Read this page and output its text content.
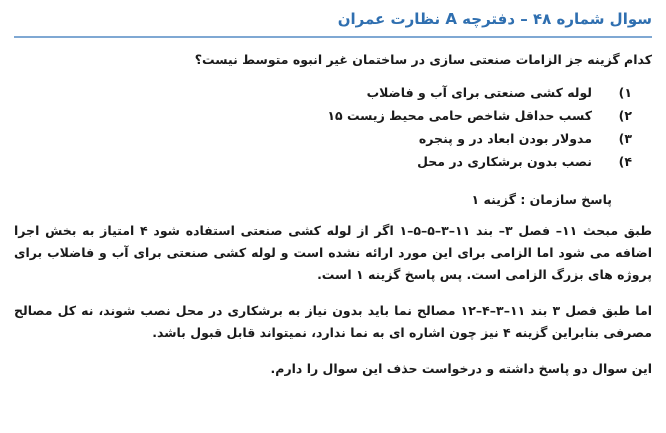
سوال شماره ۴۸ – دفترچه A نظارت عمران
کدام گزینه جز الزامات صنعتی سازی در ساختمان غیر انبوه متوسط نیست؟
۱)
لوله کشی صنعتی برای آب و فاضلاب
۲)
کسب حداقل شاخص حامی محیط زیست ۱۵
۳)
مدولار بودن ابعاد در و پنجره
۴)
نصب بدون برشکاری در محل
پاسخ سازمان : گزینه ۱

طبق مبحث ۱۱– فصل ۳– بند ۱۱–۳–۵–۵–۱ اگر از لوله کشی صنعتی استفاده شود ۴ امتیاز به بخش اجرا اضافه می شود اما الزامی برای این مورد ارائه نشده است و لوله کشی صنعتی برای آب و فاضلاب برای پروژه های بزرگ الزامی است. پس پاسخ گزینه ۱ است.

اما طبق فصل ۳ بند ۱۱–۳–۴–۱۲ مصالح نما باید بدون نیاز به برشکاری در محل نصب شوند، نه کل مصالح مصرفی بنابراین گزینه ۴ نیز چون اشاره ای به نما ندارد، نمیتواند قابل قبول باشد.

این سوال دو پاسخ داشته و درخواست حذف این سوال را دارم.
